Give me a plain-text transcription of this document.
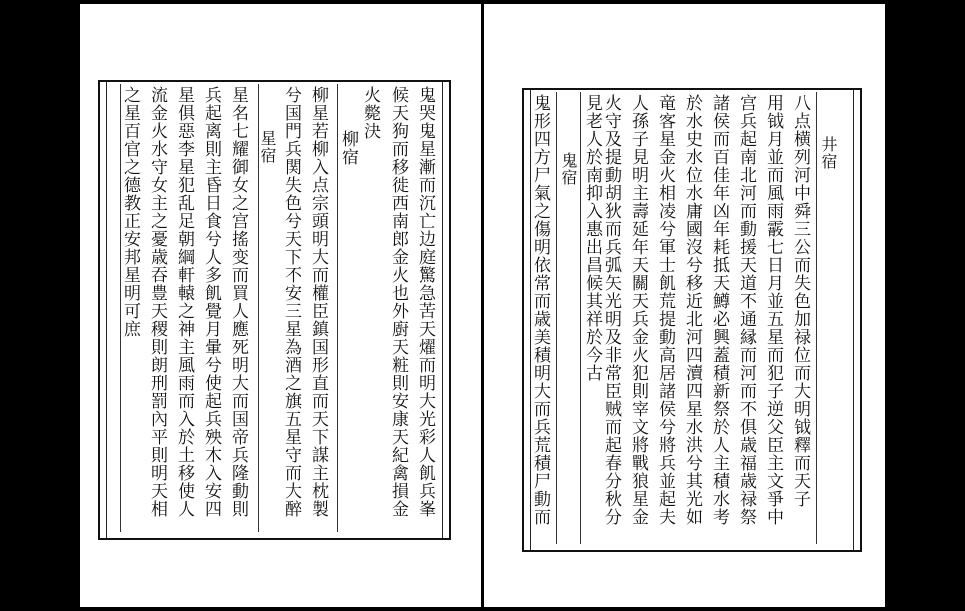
鬼哭鬼星漸而沉亡边庭驚急苦天燿而明大光彩人飢兵峯
候天狗而移徙西南郎金火也外廚天粧則安康天紀禽損金
火斃決
柳宿
柳星若柳入点宗頭明大而權臣鎮国形直而天下謀主枕製
兮国門兵関失色兮天下不安三星為酒之旗五星守而大醉
星宿
星名七耀御女之宫搖变而買人應死明大而国帝兵隆動則
兵起离則主昏日食兮人多飢覺月暈兮使起兵殃木入安四
星俱惡李星犯乱足朝綱軒轅之神主風雨而入於土移使人
流金火水守女主之憂歳吞豊天稷則朗刑罰內平則明天相
之星百官之德教正安邦星明可庶	井宿
八点横列河中舜三公而失色加禄位而大明钺釋而天子
用钺月並而風雨霰七日月並五星而犯子逆父臣主文爭中
宫兵起南北河而動援天道不通縁而河而不俱歳福歳禄祭
諸侯而百佳年凶年耗抵天鱒必興蓋積新祭於人主積水考
於水史水位水庸國沒兮移近北河四瀆四星水洪兮其光如
竜客星金火相凌兮軍士飢荒提動高居諸侯兮將兵並起夫
人孫子見明主壽延年天關天兵金火犯則宰文將戰狼星金
火守及提動胡狄而兵弧矢光明及非常臣贼而起春分秋分
見老人於南抑入惠出昌候其祥於今古
鬼宿
鬼形四方尸氣之傷明依常而歳美積明大而兵荒積尸動而
